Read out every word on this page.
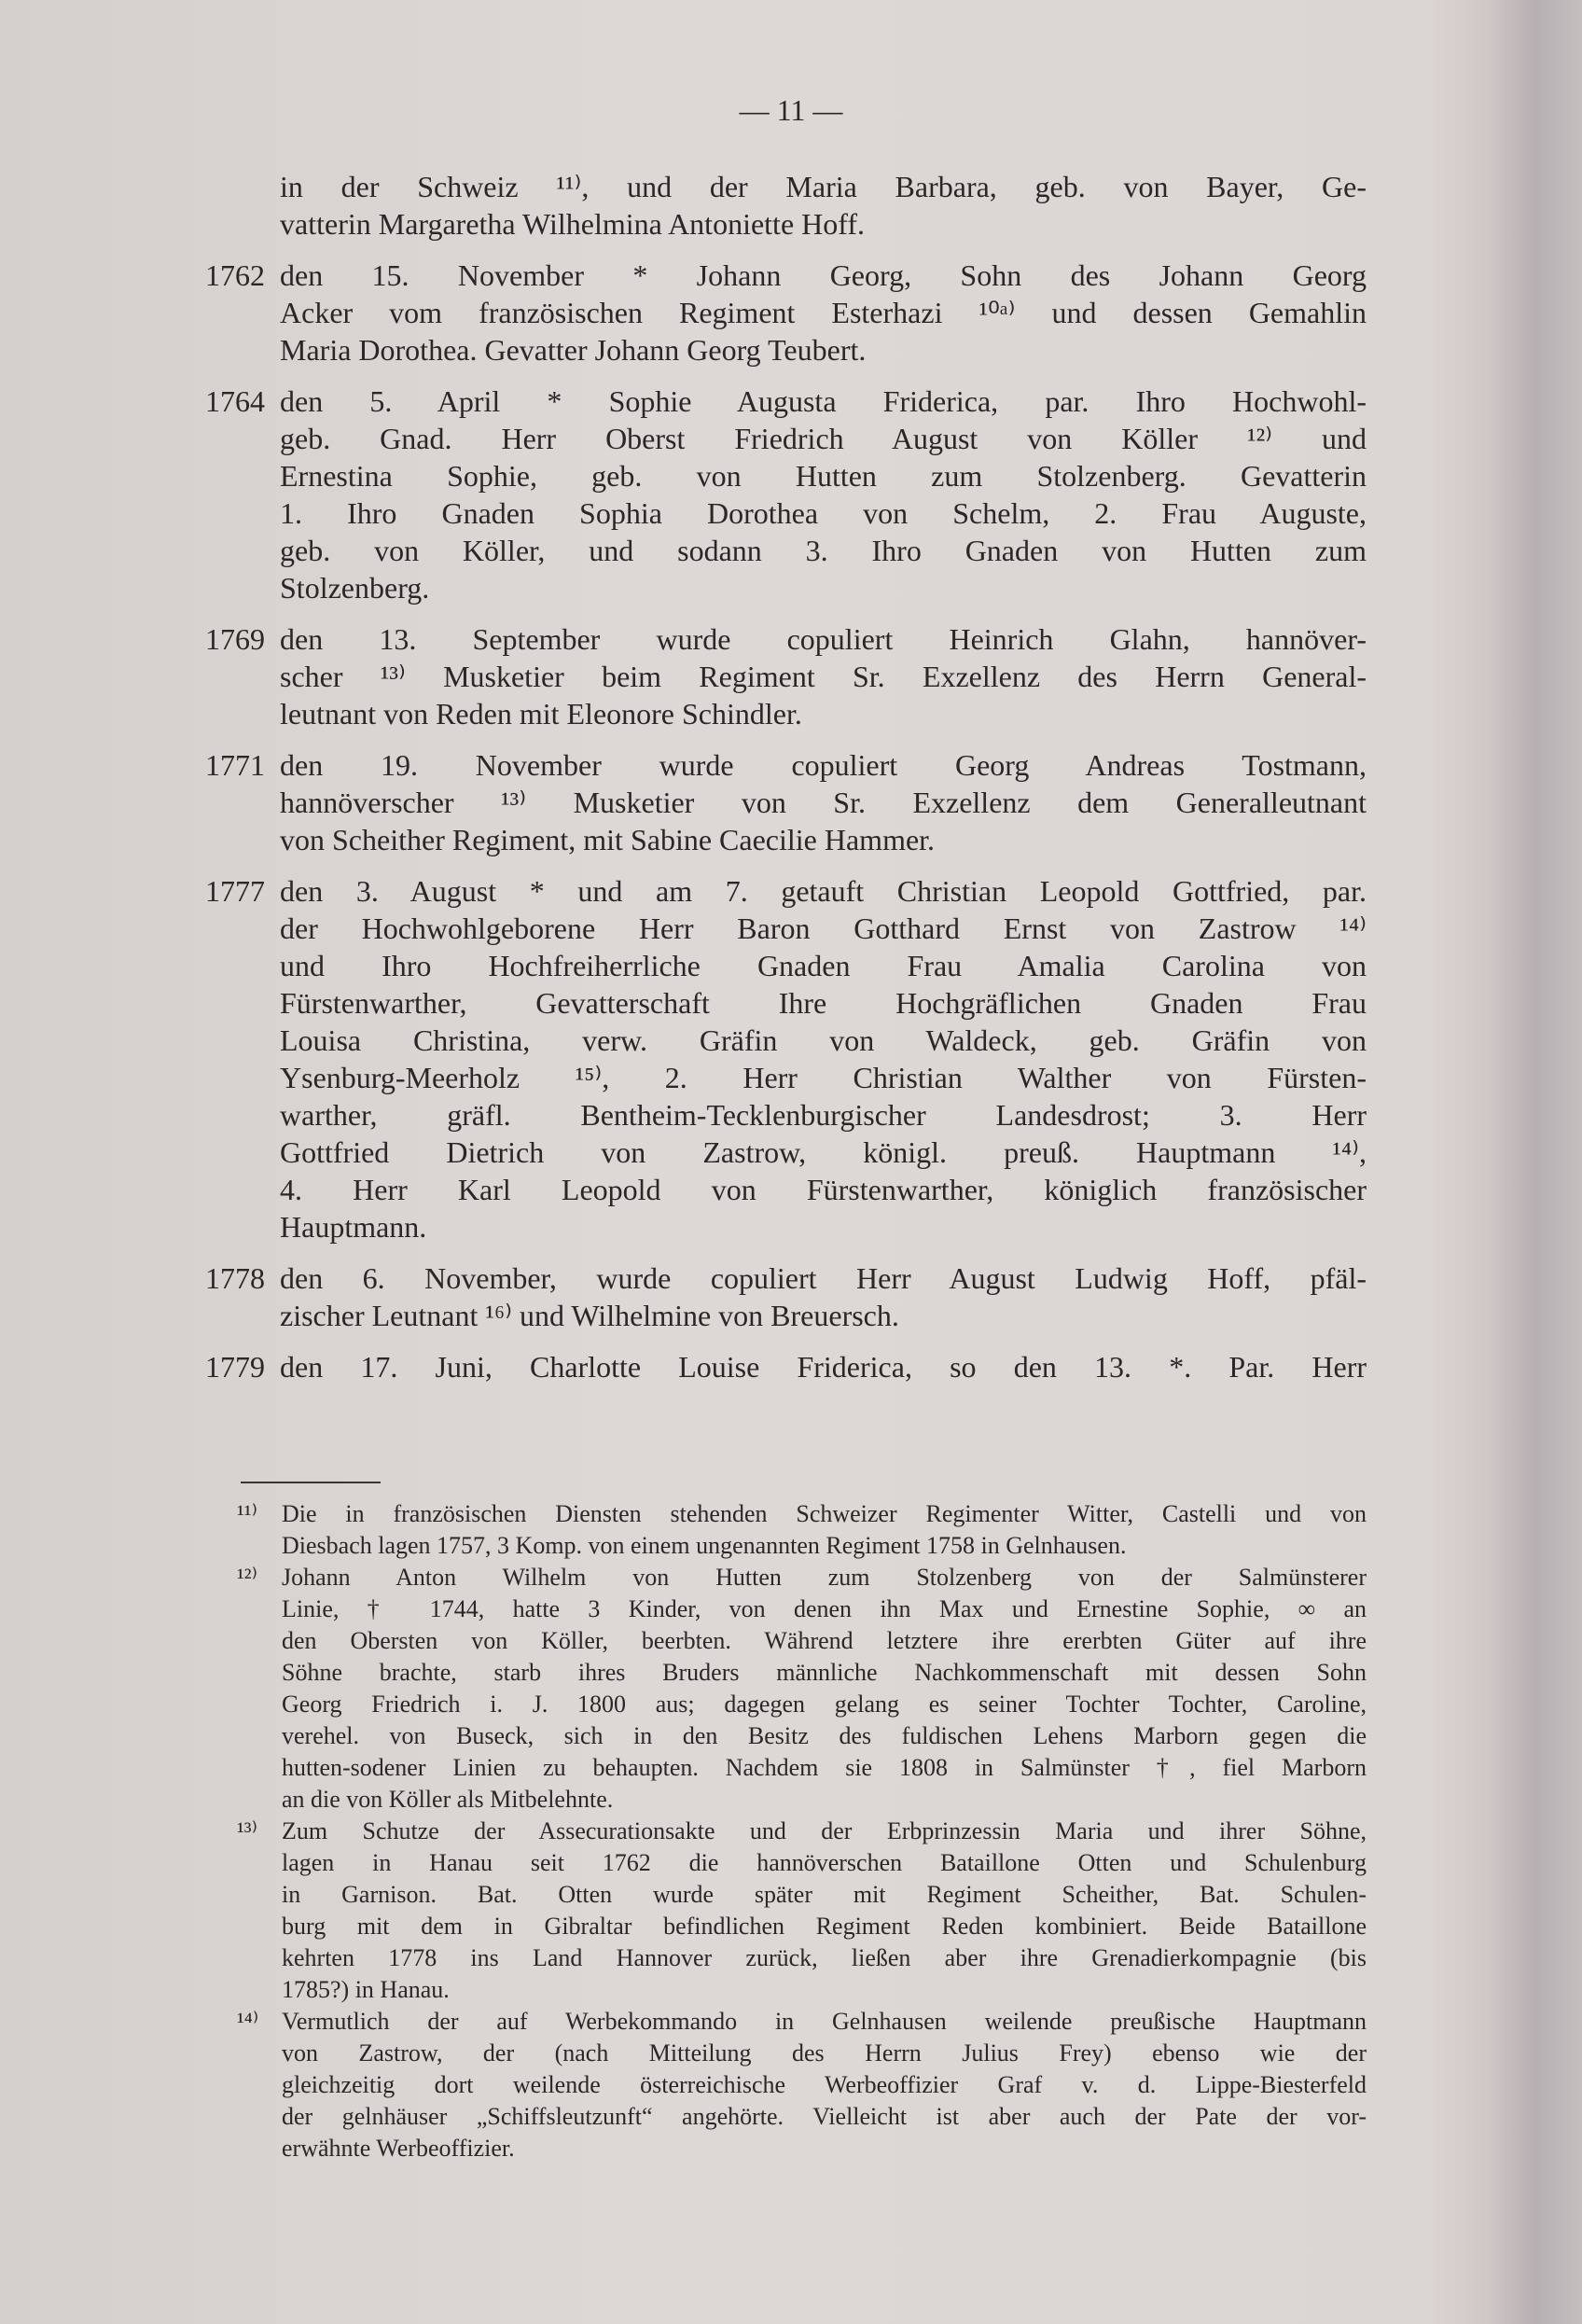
— 11 —
in der Schweiz ¹¹⁾, und der Maria Barbara, geb. von Bayer, Ge-
vatterin Margaretha Wilhelmina Antoniette Hoff.
1762 den 15. November * Johann Georg, Sohn des Johann Georg
Acker vom französischen Regiment Esterhazi ¹⁰ᵃ⁾ und dessen Gemahlin
Maria Dorothea. Gevatter Johann Georg Teubert.
1764 den 5. April * Sophie Augusta Friderica, par. Ihro Hochwohl-
geb. Gnad. Herr Oberst Friedrich August von Köller ¹²⁾ und
Ernestina Sophie, geb. von Hutten zum Stolzenberg. Gevatterin
1. Ihro Gnaden Sophia Dorothea von Schelm, 2. Frau Auguste,
geb. von Köller, und sodann 3. Ihro Gnaden von Hutten zum
Stolzenberg.
1769 den 13. September wurde copuliert Heinrich Glahn, hannöver-
scher ¹³⁾ Musketier beim Regiment Sr. Exzellenz des Herrn General-
leutnant von Reden mit Eleonore Schindler.
1771 den 19. November wurde copuliert Georg Andreas Tostmann,
hannöverscher ¹³⁾ Musketier von Sr. Exzellenz dem Generalleutnant
von Scheither Regiment, mit Sabine Caecilie Hammer.
1777 den 3. August * und am 7. getauft Christian Leopold Gottfried, par.
der Hochwohlgeborene Herr Baron Gotthard Ernst von Zastrow ¹⁴⁾
und Ihro Hochfreiherrliche Gnaden Frau Amalia Carolina von
Fürstenwarther, Gevatterschaft Ihre Hochgräflichen Gnaden Frau
Louisa Christina, verw. Gräfin von Waldeck, geb. Gräfin von
Ysenburg-Meerholz ¹⁵⁾, 2. Herr Christian Walther von Fürsten-
warther, gräfl. Bentheim-Tecklenburgischer Landesdrost; 3. Herr
Gottfried Dietrich von Zastrow, königl. preuß. Hauptmann ¹⁴⁾,
4. Herr Karl Leopold von Fürstenwarther, königlich französischer
Hauptmann.
1778 den 6. November, wurde copuliert Herr August Ludwig Hoff, pfäl-
zischer Leutnant ¹⁶⁾ und Wilhelmine von Breuersch.
1779 den 17. Juni, Charlotte Louise Friderica, so den 13. *. Par. Herr
¹¹⁾ Die in französischen Diensten stehenden Schweizer Regimenter Witter, Castelli und von
Diesbach lagen 1757, 3 Komp. von einem ungenannten Regiment 1758 in Gelnhausen.
¹²⁾ Johann Anton Wilhelm von Hutten zum Stolzenberg von der Salmünsterer
Linie, † 1744, hatte 3 Kinder, von denen ihn Max und Ernestine Sophie, ∞ an
den Obersten von Köller, beerbten. Während letztere ihre ererbten Güter auf ihre
Söhne brachte, starb ihres Bruders männliche Nachkommenschaft mit dessen Sohn
Georg Friedrich i. J. 1800 aus; dagegen gelang es seiner Tochter Tochter, Caroline,
verehel. von Buseck, sich in den Besitz des fuldischen Lehens Marborn gegen die
hutten-sodener Linien zu behaupten. Nachdem sie 1808 in Salmünster †, fiel Marborn
an die von Köller als Mitbelehnte.
¹³⁾ Zum Schutze der Assecurationsakte und der Erbprinzessin Maria und ihrer Söhne,
lagen in Hanau seit 1762 die hannöverschen Bataillone Otten und Schulenburg
in Garnison. Bat. Otten wurde später mit Regiment Scheither, Bat. Schulen-
burg mit dem in Gibraltar befindlichen Regiment Reden kombiniert. Beide Bataillone
kehrten 1778 ins Land Hannover zurück, ließen aber ihre Grenadierkompagnie (bis
1785?) in Hanau.
¹⁴⁾ Vermutlich der auf Werbekommando in Gelnhausen weilende preußische Hauptmann
von Zastrow, der (nach Mitteilung des Herrn Julius Frey) ebenso wie der
gleichzeitig dort weilende österreichische Werbeoffizier Graf v. d. Lippe-Biesterfeld
der gelnhäuser „Schiffsleutzunft“ angehörte. Vielleicht ist aber auch der Pate der vor-
erwähnte Werbeoffizier.
